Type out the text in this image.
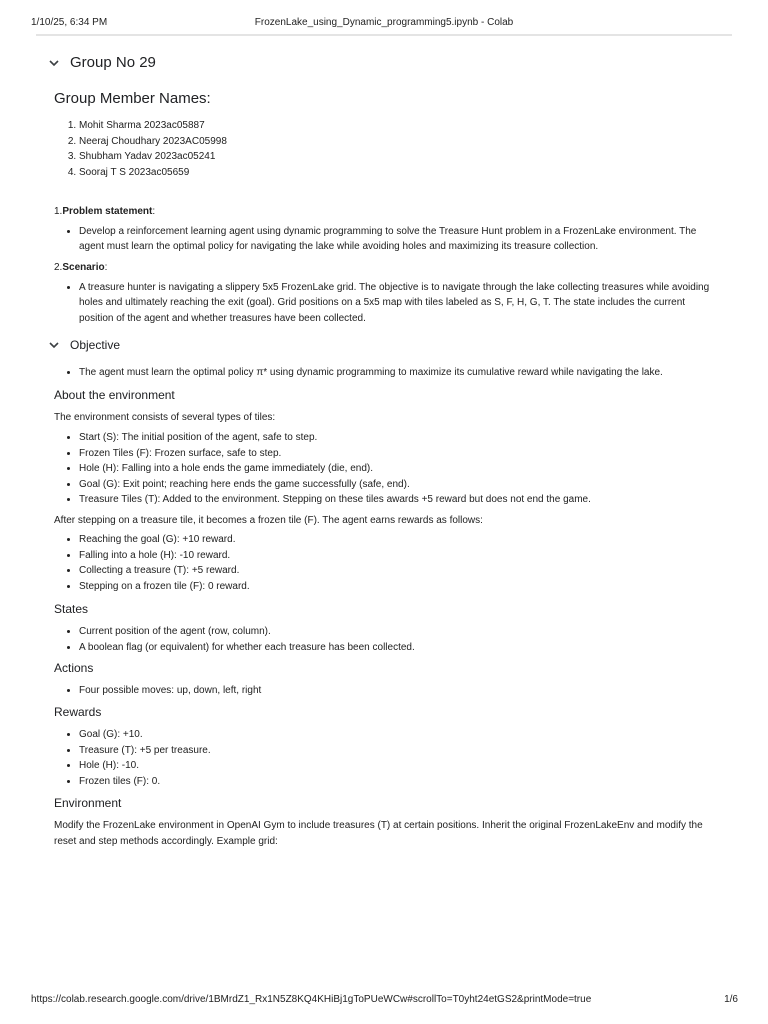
1/10/25, 6:34 PM	FrozenLake_using_Dynamic_programming5.ipynb - Colab
Group No 29
Group Member Names:
1. Mohit Sharma 2023ac05887
2. Neeraj Choudhary 2023AC05998
3. Shubham Yadav 2023ac05241
4. Sooraj T S 2023ac05659

1.Problem statement:

• Develop a reinforcement learning agent using dynamic programming to solve the Treasure Hunt problem in a FrozenLake environment. The agent must learn the optimal policy for navigating the lake while avoiding holes and maximizing its treasure collection.

2.Scenario:

• A treasure hunter is navigating a slippery 5x5 FrozenLake grid. The objective is to navigate through the lake collecting treasures while avoiding holes and ultimately reaching the exit (goal). Grid positions on a 5x5 map with tiles labeled as S, F, H, G, T. The state includes the current position of the agent and whether treasures have been collected.
Objective
• The agent must learn the optimal policy π* using dynamic programming to maximize its cumulative reward while navigating the lake.
About the environment
The environment consists of several types of tiles:
• Start (S): The initial position of the agent, safe to step.
• Frozen Tiles (F): Frozen surface, safe to step.
• Hole (H): Falling into a hole ends the game immediately (die, end).
• Goal (G): Exit point; reaching here ends the game successfully (safe, end).
• Treasure Tiles (T): Added to the environment. Stepping on these tiles awards +5 reward but does not end the game.
After stepping on a treasure tile, it becomes a frozen tile (F). The agent earns rewards as follows:
• Reaching the goal (G): +10 reward.
• Falling into a hole (H): -10 reward.
• Collecting a treasure (T): +5 reward.
• Stepping on a frozen tile (F): 0 reward.
States
• Current position of the agent (row, column).
• A boolean flag (or equivalent) for whether each treasure has been collected.
Actions
• Four possible moves: up, down, left, right
Rewards
• Goal (G): +10.
• Treasure (T): +5 per treasure.
• Hole (H): -10.
• Frozen tiles (F): 0.
Environment
Modify the FrozenLake environment in OpenAI Gym to include treasures (T) at certain positions. Inherit the original FrozenLakeEnv and modify the reset and step methods accordingly. Example grid:
https://colab.research.google.com/drive/1BMrdZ1_Rx1N5Z8KQ4KHiBj1gToPUeWCw#scrollTo=T0yht24etGS2&printMode=true	1/6
